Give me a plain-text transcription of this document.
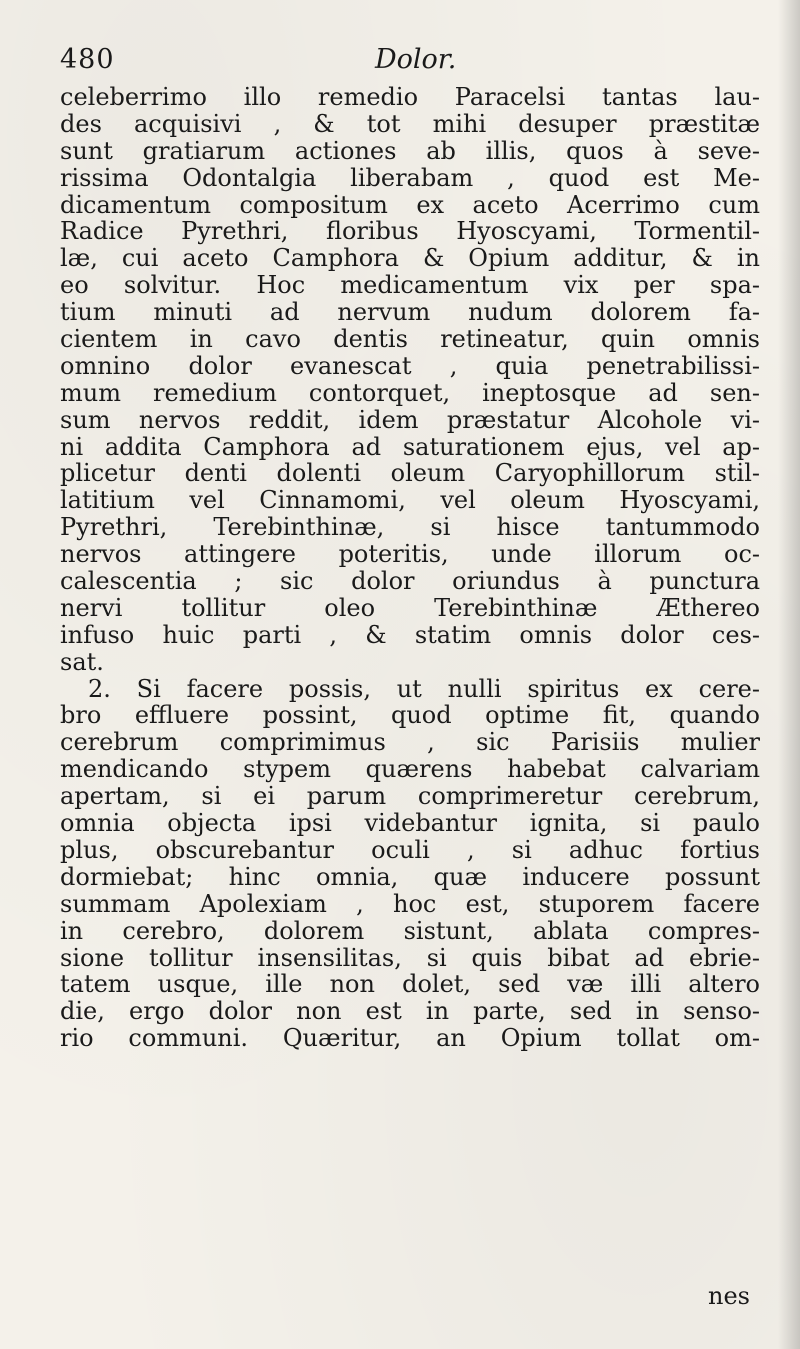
480	Dolor.
celeberrimo illo remedio Paracelsi tantas lau-
des acquisivi , & tot mihi desuper præstitæ
sunt gratiarum actiones ab illis, quos à seve-
rissima Odontalgia liberabam , quod est Me-
dicamentum compositum ex aceto Acerrimo cum
Radice Pyrethri, floribus Hyoscyami, Tormentil-
læ, cui aceto Camphora & Opium additur, & in
eo solvitur. Hoc medicamentum vix per spa-
tium minuti ad nervum nudum dolorem fa-
cientem in cavo dentis retineatur, quin omnis
omnino dolor evanescat , quia penetrabilissi-
mum remedium contorquet, ineptosque ad sen-
sum nervos reddit, idem præstatur Alcohole vi-
ni addita Camphora ad saturationem ejus, vel ap-
plicetur denti dolenti oleum Caryophillorum stil-
latitium vel Cinnamomi, vel oleum Hyoscyami,
Pyrethri, Terebinthinæ, si hisce tantummodo
nervos attingere poteritis, unde illorum oc-
calescentia ; sic dolor oriundus à punctura
nervi tollitur oleo Terebinthinæ Æthereo
infuso huic parti , & statim omnis dolor ces-
sat.
2. Si facere possis, ut nulli spiritus ex cere-
bro effluere possint, quod optime fit, quando
cerebrum comprimimus , sic Parisiis mulier
mendicando stypem quærens habebat calvariam
apertam, si ei parum comprimeretur cerebrum,
omnia objecta ipsi videbantur ignita, si paulo
plus, obscurebantur oculi , si adhuc fortius
dormiebat; hinc omnia, quæ inducere possunt
summam Apolexiam , hoc est, stuporem facere
in cerebro, dolorem sistunt, ablata compres-
sione tollitur insensilitas, si quis bibat ad ebrie-
tatem usque, ille non dolet, sed væ illi altero
die, ergo dolor non est in parte, sed in senso-
rio communi. Quæritur, an Opium tollat om-
nes
